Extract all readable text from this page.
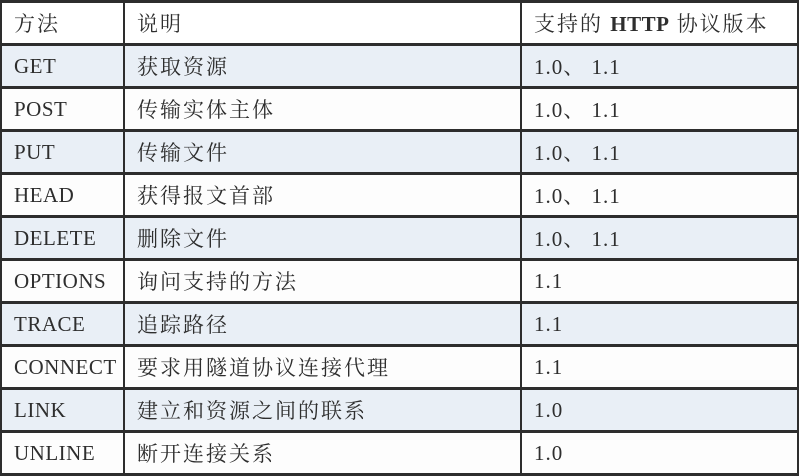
方法	说明	支持的 HTTP 协议版本
GET	获取资源	1.0、 1.1
POST	传输实体主体	1.0、 1.1
PUT	传输文件	1.0、 1.1
HEAD	获得报文首部	1.0、 1.1
DELETE	删除文件	1.0、 1.1
OPTIONS	询问支持的方法	1.1
TRACE	追踪路径	1.1
CONNECT	要求用隧道协议连接代理	1.1
LINK	建立和资源之间的联系	1.0
UNLINE	断开连接关系	1.0
